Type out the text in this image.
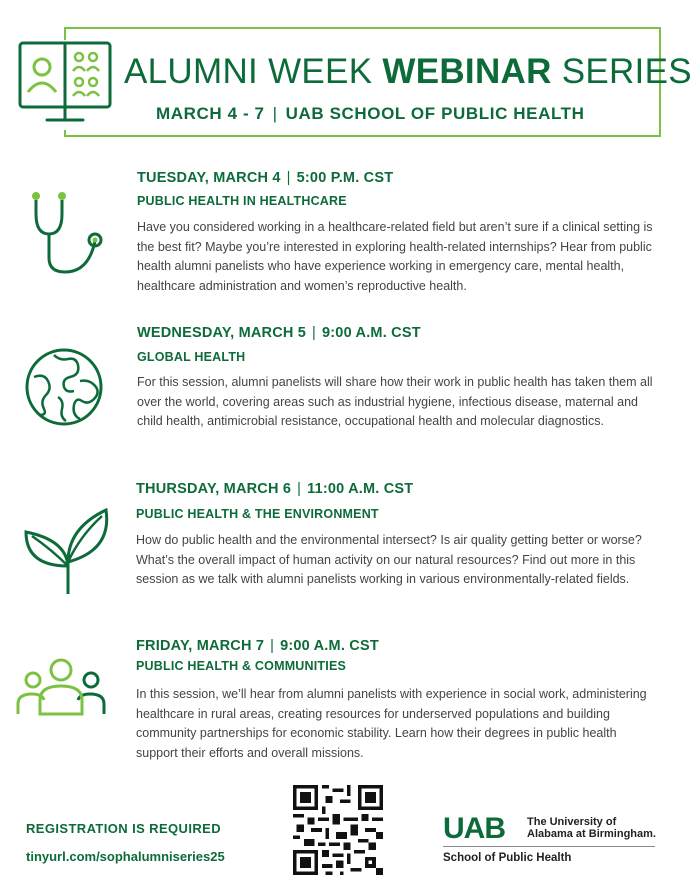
ALUMNI WEEK WEBINAR SERIES
MARCH 4 - 7 | UAB SCHOOL OF PUBLIC HEALTH
TUESDAY, MARCH 4 | 5:00 P.M. CST
PUBLIC HEALTH IN HEALTHCARE
Have you considered working in a healthcare-related field but aren’t sure if a clinical setting is the best fit? Maybe you’re interested in exploring health-related internships? Hear from public health alumni panelists who have experience working in emergency care, mental health, healthcare administration and women’s reproductive health.
WEDNESDAY, MARCH 5 | 9:00 A.M. CST
GLOBAL HEALTH
For this session, alumni panelists will share how their work in public health has taken them all over the world, covering areas such as industrial hygiene, infectious disease, maternal and child health, antimicrobial resistance, occupational health and molecular diagnostics.
THURSDAY, MARCH 6 | 11:00 A.M. CST
PUBLIC HEALTH & THE ENVIRONMENT
How do public health and the environmental intersect? Is air quality getting better or worse? What’s the overall impact of human activity on our natural resources? Find out more in this session as we talk with alumni panelists working in various environmentally-related fields.
FRIDAY, MARCH 7 | 9:00 A.M. CST
PUBLIC HEALTH & COMMUNITIES
In this session, we’ll hear from alumni panelists with experience in social work, administering healthcare in rural areas, creating resources for underserved populations and building community partnerships for economic stability. Learn how their degrees in public health support their efforts and overall missions.
REGISTRATION IS REQUIRED
tinyurl.com/sophalumniseries25
UAB The University of
Alabama at Birmingham.
School of Public Health
